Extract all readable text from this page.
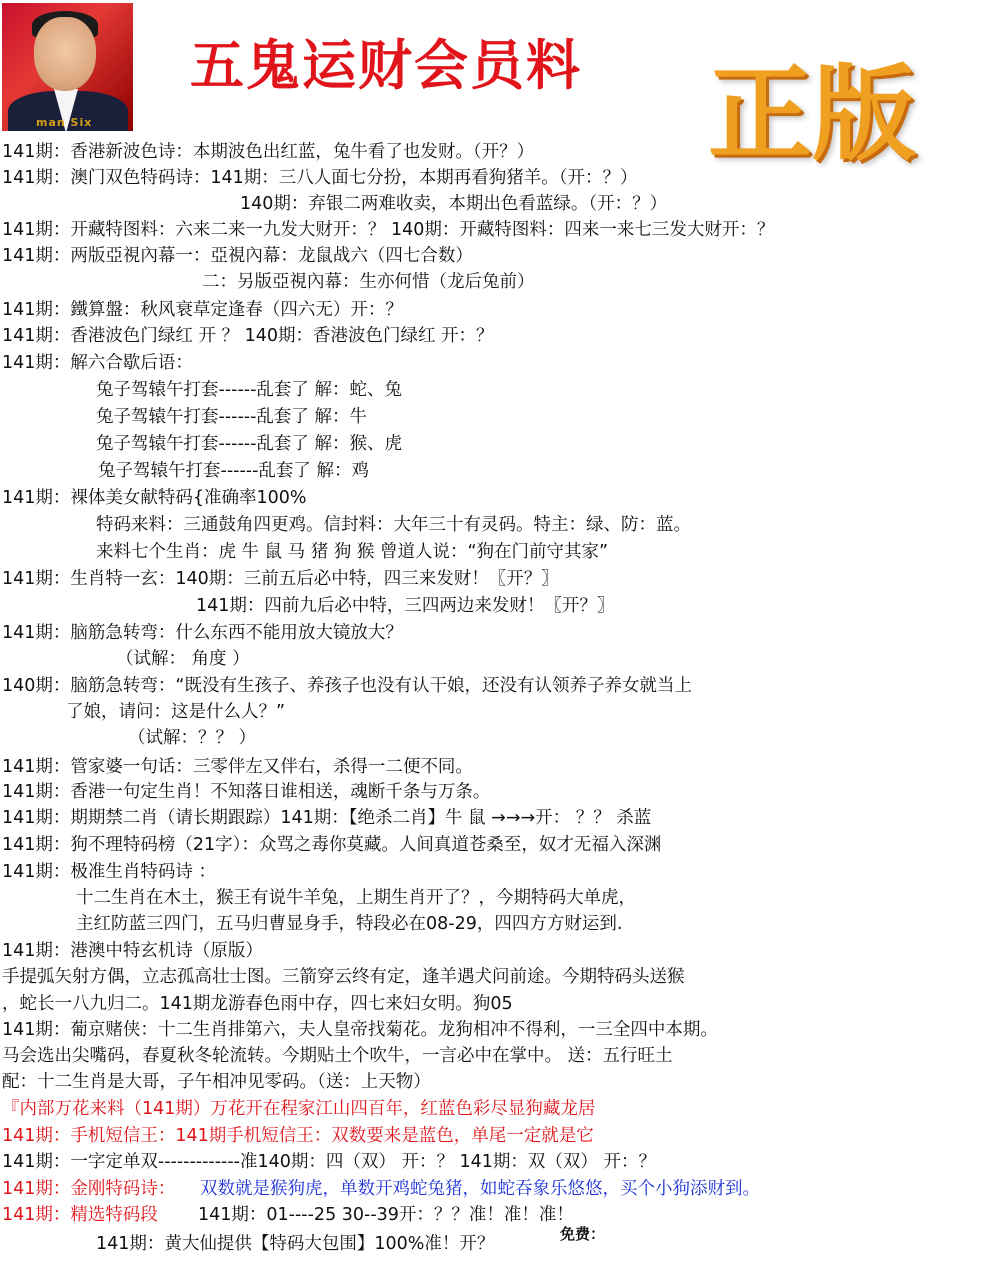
man Six
五鬼运财会员料	正版
141期：香港新波色诗：本期波色出红蓝，兔牛看了也发财。（开？）
141期：澳门双色特码诗：141期：三八人面七分扮，本期再看狗猪羊。（开：？）
140期：弃银二两难收卖，本期出色看蓝绿。（开：？）
141期：开藏特图料：六来二来一九发大财开：？ 140期：开藏特图料：四来一来七三发大财开：？
141期：两版亞視內幕一：亞視內幕：龙鼠战六（四七合数）
二：另版亞視內幕：生亦何惜（龙后兔前）
141期：鐵算盤：秋风衰草定逢春（四六无）开：？
141期：香港波色门绿红 开 ？ 140期：香港波色门绿红 开：？
141期：解六合歇后语：
兔子驾辕午打套------乱套了 解：蛇、兔
兔子驾辕午打套------乱套了 解：牛
兔子驾辕午打套------乱套了 解：猴、虎
兔子驾辕午打套------乱套了 解：鸡
141期：裸体美女献特码{准确率100%
特码来料：三通鼓角四更鸡。信封料：大年三十有灵码。特主：绿、防：蓝。
来料七个生肖：虎 牛 鼠 马 猪 狗 猴 曾道人说：“狗在门前守其家”
141期：生肖特一玄：140期：三前五后必中特，四三来发财！〖开？〗
141期：四前九后必中特，三四两边来发财！〖开？〗
141期：脑筋急转弯：什么东西不能用放大镜放大？
（试解： 角度 ）
140期：脑筋急转弯：“既没有生孩子、养孩子也没有认干娘，还没有认领养子养女就当上
了娘，请问：这是什么人？”
（试解：？？ ）
141期：管家婆一句话：三零伴左又伴右，杀得一二便不同。
141期：香港一句定生肖！不知落日谁相送，魂断千条与万条。
141期：期期禁二肖（请长期跟踪）141期：【绝杀二肖】牛 鼠 →→→开： ？？ 杀蓝
141期：狗不理特码榜（21字）：众骂之毒你莫藏。人间真道苍桑至，奴才无福入深渊
141期：极准生肖特码诗 ：
十二生肖在木土，猴王有说牛羊兔，上期生肖开了？，今期特码大单虎，
主红防蓝三四门，五马归曹显身手，特段必在08-29，四四方方财运到.
141期：港澳中特玄机诗（原版）
手提弧矢射方偶，立志孤高壮士图。三箭穿云终有定，逢羊遇犬问前途。今期特码头送猴
，蛇长一八九归二。141期龙游春色雨中存，四七来妇女明。狗05
141期：葡京赌侠：十二生肖排第六，夫人皇帝找菊花。龙狗相冲不得利，一三全四中本期。
马会选出尖嘴码，春夏秋冬轮流转。今期贴土个吹牛，一言必中在掌中。 送：五行旺土
配：十二生肖是大哥，子午相冲见零码。（送：上天物）
『内部万花来料（141期）万花开在程家江山四百年，红蓝色彩尽显狗藏龙居
141期：手机短信王：141期手机短信王：双数要来是蓝色，单尾一定就是它
141期：一字定单双-------------准140期：四（双） 开：？ 141期：双（双） 开：？
141期：金刚特码诗： 双数就是猴狗虎，单数开鸡蛇兔猪，如蛇吞象乐悠悠，买个小狗添财到。
141期：精选特码段 141期：01----25 30--39开：？？准！准！准！
141期：黄大仙提供【特码大包围】100%准！开？	免费：
